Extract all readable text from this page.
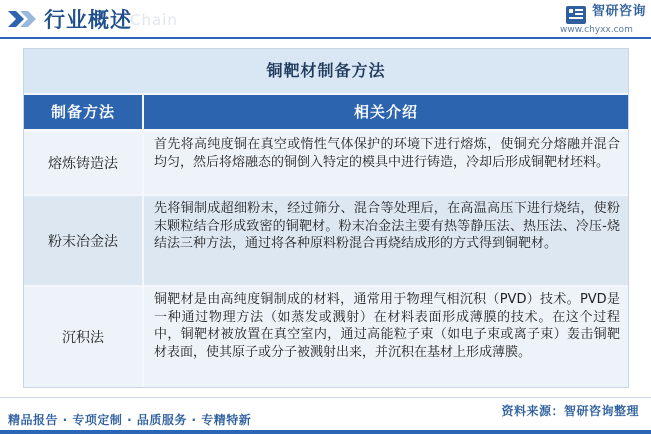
行业概述
Chain	智研咨询
www.chyxx.com
铜靶材制备方法
制备方法	相关介绍
熔炼铸造法
首先将高纯度铜在真空或惰性气体保护的环境下进行熔炼，使铜充分熔融并混合均匀，然后将熔融态的铜倒入特定的模具中进行铸造，冷却后形成铜靶材坯料。
粉末冶金法
先将铜制成超细粉末，经过筛分、混合等处理后，在高温高压下进行烧结，使粉末颗粒结合形成致密的铜靶材。粉末冶金法主要有热等静压法、热压法、冷压-烧结法三种方法，通过将各种原料粉混合再烧结成形的方式得到铜靶材。
沉积法
铜靶材是由高纯度铜制成的材料，通常用于物理气相沉积（PVD）技术。PVD是一种通过物理方法（如蒸发或溅射）在材料表面形成薄膜的技术。在这个过程中，铜靶材被放置在真空室内，通过高能粒子束（如电子束或离子束）轰击铜靶材表面，使其原子或分子被溅射出来，并沉积在基材上形成薄膜。
资料来源：智研咨询整理
精品报告 · 专项定制 · 品质服务 · 专精特新
